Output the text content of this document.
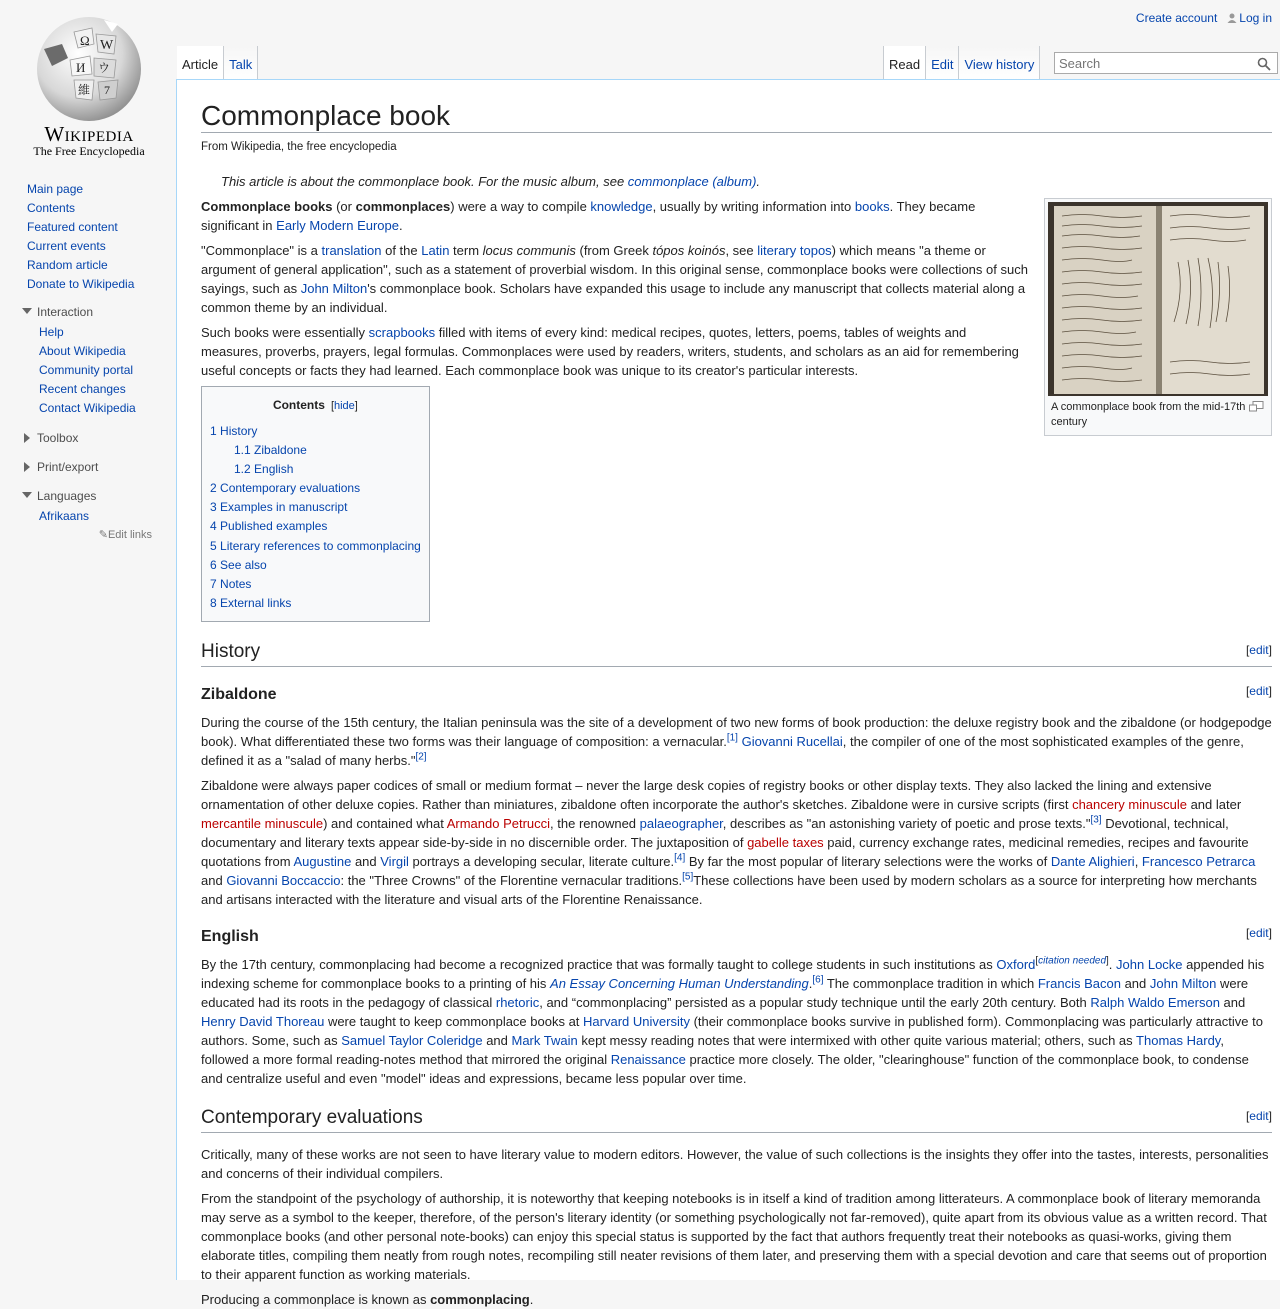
Create account Log in
Ω W
И ウ
維 7
Wikipedia
The Free Encyclopedia
Article Talk	Read Edit View history
Search
Main page
Contents
Featured content
Current events
Random article
Donate to Wikipedia
Interaction
Help
About Wikipedia
Community portal
Recent changes
Contact Wikipedia
Toolbox
Print/export
Languages
Afrikaans
✎Edit links
Commonplace book
From Wikipedia, the free encyclopedia
This article is about the commonplace book. For the music album, see commonplace (album).
A commonplace book from the mid-17th century

Commonplace books (or commonplaces) were a way to compile knowledge, usually by writing information into books. They became significant in Early Modern Europe.

"Commonplace" is a translation of the Latin term locus communis (from Greek tópos koinós, see literary topos) which means "a theme or argument of general application", such as a statement of proverbial wisdom. In this original sense, commonplace books were collections of such sayings, such as John Milton's commonplace book. Scholars have expanded this usage to include any manuscript that collects material along a common theme by an individual.

Such books were essentially scrapbooks filled with items of every kind: medical recipes, quotes, letters, poems, tables of weights and measures, proverbs, prayers, legal formulas. Commonplaces were used by readers, writers, students, and scholars as an aid for remembering useful concepts or facts they had learned. Each commonplace book was unique to its creator's particular interests.

Contents [hide]
1 History
1.1 Zibaldone
1.2 English
2 Contemporary evaluations
3 Examples in manuscript
4 Published examples
5 Literary references to commonplacing
6 See also
7 Notes
8 External links
History	[edit]
Zibaldone	[edit]

During the course of the 15th century, the Italian peninsula was the site of a development of two new forms of book production: the deluxe registry book and the zibaldone (or hodgepodge book). What differentiated these two forms was their language of composition: a vernacular.[1] Giovanni Rucellai, the compiler of one of the most sophisticated examples of the genre, defined it as a "salad of many herbs."[2]

Zibaldone were always paper codices of small or medium format – never the large desk copies of registry books or other display texts. They also lacked the lining and extensive ornamentation of other deluxe copies. Rather than miniatures, zibaldone often incorporate the author's sketches. Zibaldone were in cursive scripts (first chancery minuscule and later mercantile minuscule) and contained what Armando Petrucci, the renowned palaeographer, describes as "an astonishing variety of poetic and prose texts."[3] Devotional, technical, documentary and literary texts appear side-by-side in no discernible order. The juxtaposition of gabelle taxes paid, currency exchange rates, medicinal remedies, recipes and favourite quotations from Augustine and Virgil portrays a developing secular, literate culture.[4] By far the most popular of literary selections were the works of Dante Alighieri, Francesco Petrarca and Giovanni Boccaccio: the "Three Crowns" of the Florentine vernacular traditions.[5]These collections have been used by modern scholars as a source for interpreting how merchants and artisans interacted with the literature and visual arts of the Florentine Renaissance.

English	[edit]

By the 17th century, commonplacing had become a recognized practice that was formally taught to college students in such institutions as Oxford[citation needed]. John Locke appended his indexing scheme for commonplace books to a printing of his An Essay Concerning Human Understanding.[6] The commonplace tradition in which Francis Bacon and John Milton were educated had its roots in the pedagogy of classical rhetoric, and “commonplacing” persisted as a popular study technique until the early 20th century. Both Ralph Waldo Emerson and Henry David Thoreau were taught to keep commonplace books at Harvard University (their commonplace books survive in published form). Commonplacing was particularly attractive to authors. Some, such as Samuel Taylor Coleridge and Mark Twain kept messy reading notes that were intermixed with other quite various material; others, such as Thomas Hardy, followed a more formal reading-notes method that mirrored the original Renaissance practice more closely. The older, "clearinghouse" function of the commonplace book, to condense and centralize useful and even "model" ideas and expressions, became less popular over time.

Contemporary evaluations	[edit]

Critically, many of these works are not seen to have literary value to modern editors. However, the value of such collections is the insights they offer into the tastes, interests, personalities and concerns of their individual compilers.

From the standpoint of the psychology of authorship, it is noteworthy that keeping notebooks is in itself a kind of tradition among litterateurs. A commonplace book of literary memoranda may serve as a symbol to the keeper, therefore, of the person's literary identity (or something psychologically not far-removed), quite apart from its obvious value as a written record. That commonplace books (and other personal note-books) can enjoy this special status is supported by the fact that authors frequently treat their notebooks as quasi-works, giving them elaborate titles, compiling them neatly from rough notes, recompiling still neater revisions of them later, and preserving them with a special devotion and care that seems out of proportion to their apparent function as working materials.

Producing a commonplace is known as commonplacing.
